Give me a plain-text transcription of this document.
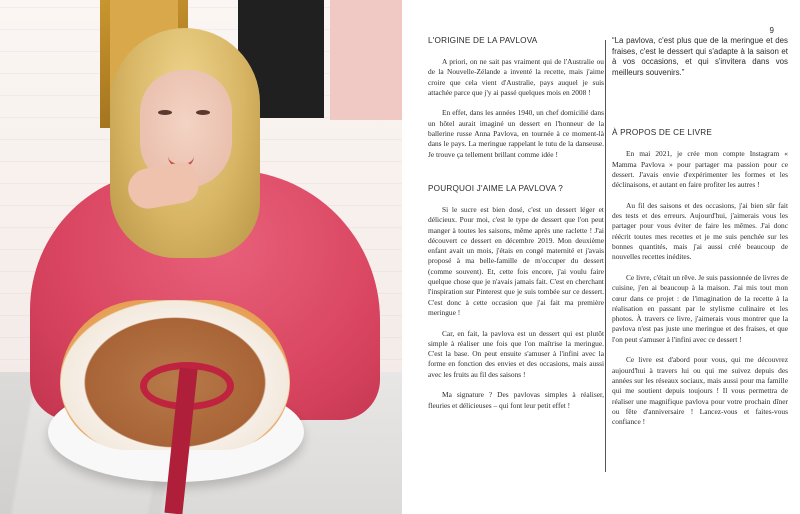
9
L'ORIGINE DE LA PAVLOVA

A priori, on ne sait pas vraiment qui de l'Australie ou de la Nouvelle-Zélande a inventé la recette, mais j'aime croire que cela vient d'Australie, pays auquel je suis attachée parce que j'y ai passé quelques mois en 2008 !

En effet, dans les années 1940, un chef domicilié dans un hôtel aurait imaginé un dessert en l'honneur de la ballerine russe Anna Pavlova, en tournée à ce moment-là dans le pays. La meringue rappelant le tutu de la danseuse. Je trouve ça tellement brillant comme idée !

POURQUOI J'AIME LA PAVLOVA ?

Si le sucre est bien dosé, c'est un dessert léger et délicieux. Pour moi, c'est le type de dessert que l'on peut manger à toutes les saisons, même après une raclette ! J'ai découvert ce dessert en décembre 2019. Mon deuxième enfant avait un mois, j'étais en congé maternité et j'avais proposé à ma belle-famille de m'occuper du dessert (comme souvent). Et, cette fois encore, j'ai voulu faire quelque chose que je n'avais jamais fait. C'est en cherchant l'inspiration sur Pinterest que je suis tombée sur ce dessert. C'est donc à cette occasion que j'ai fait ma première meringue !

Car, en fait, la pavlova est un dessert qui est plutôt simple à réaliser une fois que l'on maîtrise la meringue. C'est la base. On peut ensuite s'amuser à l'infini avec la forme en fonction des envies et des occasions, mais aussi avec les fruits au fil des saisons !

Ma signature ? Des pavlovas simples à réaliser, fleuries et délicieuses – qui font leur petit effet !

“La pavlova, c'est plus que de la meringue et des fraises, c'est le dessert qui s'adapte à la saison et à vos occasions, et qui s'invitera dans vos meilleurs souvenirs.”
À PROPOS DE CE LIVRE

En mai 2021, je crée mon compte Instagram « Mamma Pavlova » pour partager ma passion pour ce dessert. J'avais envie d'expérimenter les formes et les déclinaisons, et autant en faire profiter les autres !

Au fil des saisons et des occasions, j'ai bien sûr fait des tests et des erreurs. Aujourd'hui, j'aimerais vous les partager pour vous éviter de faire les mêmes. J'ai donc réécrit toutes mes recettes et je me suis penchée sur les bonnes quantités, mais j'ai aussi créé beaucoup de nouvelles recettes inédites.

Ce livre, c'était un rêve. Je suis passionnée de livres de cuisine, j'en ai beaucoup à la maison. J'ai mis tout mon cœur dans ce projet : de l'imagination de la recette à la réalisation en passant par le stylisme culinaire et les photos. À travers ce livre, j'aimerais vous montrer que la pavlova n'est pas juste une meringue et des fraises, et que l'on peut s'amuser à l'infini avec ce dessert !

Ce livre est d'abord pour vous, qui me découvrez aujourd'hui à travers lui ou qui me suivez depuis des années sur les réseaux sociaux, mais aussi pour ma famille qui me soutient depuis toujours ! Il vous permettra de réaliser une magnifique pavlova pour votre prochain dîner ou fête d'anniversaire ! Lancez-vous et faites-vous confiance !
